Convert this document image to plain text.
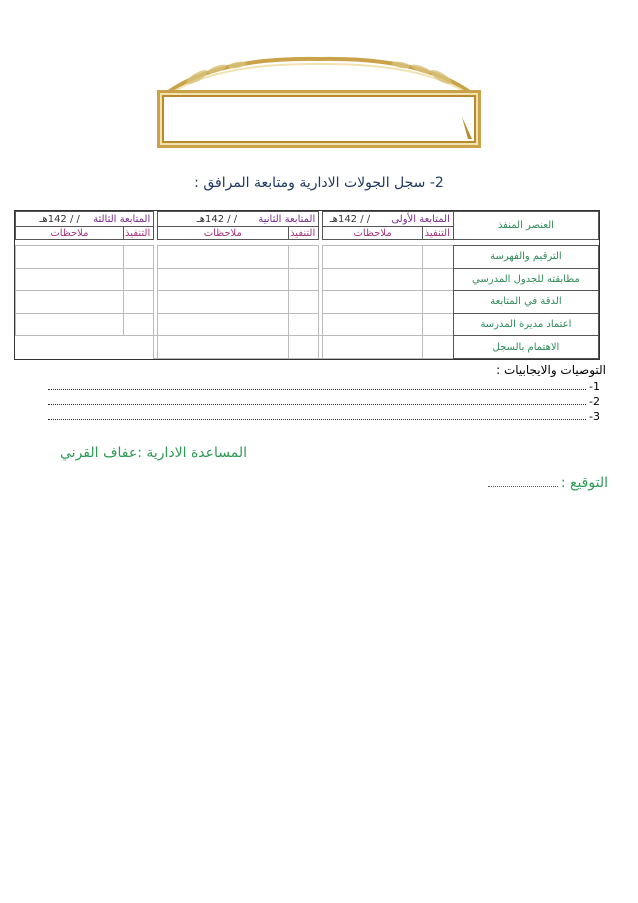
2- سجل الجولات الادارية ومتابعة المرافق :
العنصر المنفذ	المتابعة الأولى / / 142هـ			المتابعة الثانية / / 142هـ			المتابعة الثالثة / / 142هـ	
	التنفيذ	ملاحظات		التنفيذ	ملاحظات		التنفيذ	ملاحظات

الترقيم والفهرسة								
مطابقته للجدول المدرسي								
الدقة في المتابعة								
اعتماد مديرة المدرسة								
الاهتمام بالسجل								
التوصيات والايجابيات :
1-
2-
3-
المساعدة الادارية :عفاف القرني
التوقيع :
